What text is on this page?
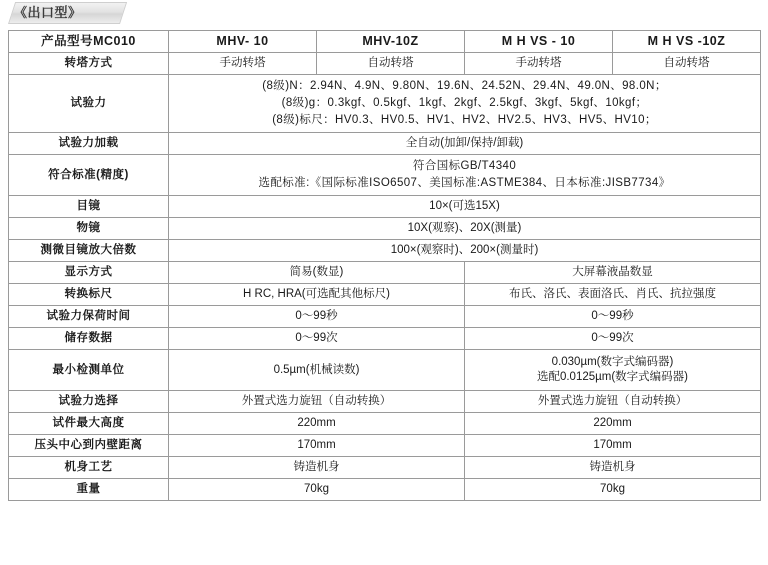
《出口型》
产品型号MC010	MHV- 10	MHV-10Z	M H VS - 10	M H VS -10Z
转塔方式	手动转塔	自动转塔	手动转塔	自动转塔
试验力	(8级)N：2.94N、4.9N、9.80N、19.6N、24.52N、29.4N、49.0N、98.0N；
(8级)g：0.3kgf、0.5kgf、1kgf、2kgf、2.5kgf、3kgf、5kgf、10kgf；
(8级)标尺：HV0.3、HV0.5、HV1、HV2、HV2.5、HV3、HV5、HV10；			

试验力加载	全自动(加卸/保持/卸载)			
符合标准(精度)	符合国标GB/T4340
选配标准:《国际标准ISO6507、美国标准:ASTME384、日本标准:JISB7734》			

目镜	10×(可选15X)			
物镜	10X(观察)、20X(测量)			
测微目镜放大倍数	100×(观察时)、200×(测量时)			
显示方式	简易(数显)		大屏幕液晶数显	
转换标尺	H RC, HRA(可选配其他标尺)		布氏、洛氏、表面洛氏、肖氏、抗拉强度	
试验力保荷时间	0～99秒		0～99秒	
储存数据	0～99次		0～99次	
最小检测单位	0.5µm(机械读数)		0.030µm(数字式编码器)
选配0.0125µm(数字式编码器)	

试验力选择	外置式选力旋钮（自动转换）		外置式选力旋钮（自动转换）	
试件最大高度	220mm		220mm	
压头中心到内壁距离	170mm		170mm	
机身工艺	铸造机身		铸造机身	
重量	70kg		70kg	
